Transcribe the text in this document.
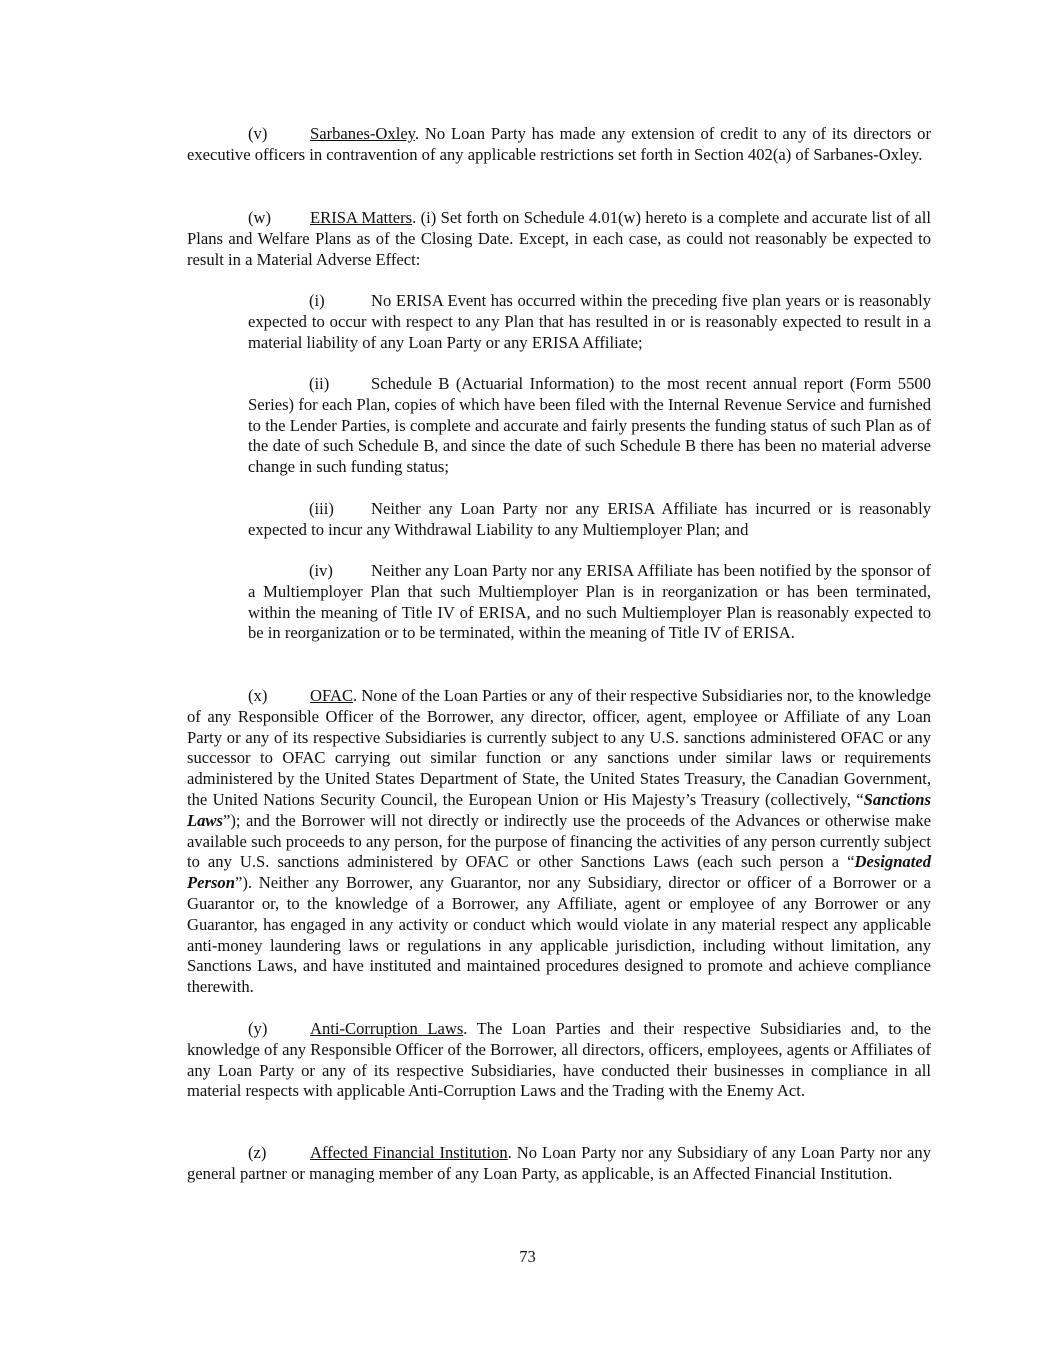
(v)	Sarbanes-Oxley. No Loan Party has made any extension of credit to any of its directors or executive officers in contravention of any applicable restrictions set forth in Section 402(a) of Sarbanes-Oxley.

(w) ERISA Matters. (i) Set forth on Schedule 4.01(w) hereto is a complete and accurate list of all Plans and Welfare Plans as of the Closing Date. Except, in each case, as could not reasonably be expected to result in a Material Adverse Effect:

(i)	No ERISA Event has occurred within the preceding five plan years or is reasonably expected to occur with respect to any Plan that has resulted in or is reasonably expected to result in a material liability of any Loan Party or any ERISA Affiliate;

(ii)	Schedule B (Actuarial Information) to the most recent annual report (Form 5500 Series) for each Plan, copies of which have been filed with the Internal Revenue Service and furnished to the Lender Parties, is complete and accurate and fairly presents the funding status of such Plan as of the date of such Schedule B, and since the date of such Schedule B there has been no material adverse change in such funding status;

(iii) Neither any Loan Party nor any ERISA Affiliate has incurred or is reasonably expected to incur any Withdrawal Liability to any Multiemployer Plan; and

(iv) Neither any Loan Party nor any ERISA Affiliate has been notified by the sponsor of a Multiemployer Plan that such Multiemployer Plan is in reorganization or has been terminated, within the meaning of Title IV of ERISA, and no such Multiemployer Plan is reasonably expected to be in reorganization or to be terminated, within the meaning of Title IV of ERISA.

(x)	OFAC. None of the Loan Parties or any of their respective Subsidiaries nor, to the knowledge of any Responsible Officer of the Borrower, any director, officer, agent, employee or Affiliate of any Loan Party or any of its respective Subsidiaries is currently subject to any U.S. sanctions administered OFAC or any successor to OFAC carrying out similar function or any sanctions under similar laws or requirements administered by the United States Department of State, the United States Treasury, the Canadian Government, the United Nations Security Council, the European Union or His Majesty’s Treasury (collectively, “Sanctions Laws”); and the Borrower will not directly or indirectly use the proceeds of the Advances or otherwise make available such proceeds to any person, for the purpose of financing the activities of any person currently subject to any U.S. sanctions administered by OFAC or other Sanctions Laws (each such person a “Designated Person”). Neither any Borrower, any Guarantor, nor any Subsidiary, director or officer of a Borrower or a Guarantor or, to the knowledge of a Borrower, any Affiliate, agent or employee of any Borrower or any Guarantor, has engaged in any activity or conduct which would violate in any material respect any applicable anti-money laundering laws or regulations in any applicable jurisdiction, including without limitation, any Sanctions Laws, and have instituted and maintained procedures designed to promote and achieve compliance therewith.

(y)	Anti-Corruption Laws. The Loan Parties and their respective Subsidiaries and, to the knowledge of any Responsible Officer of the Borrower, all directors, officers, employees, agents or Affiliates of any Loan Party or any of its respective Subsidiaries, have conducted their businesses in compliance in all material respects with applicable Anti-Corruption Laws and the Trading with the Enemy Act.

(z)	Affected Financial Institution. No Loan Party nor any Subsidiary of any Loan Party nor any general partner or managing member of any Loan Party, as applicable, is an Affected Financial Institution.

73
